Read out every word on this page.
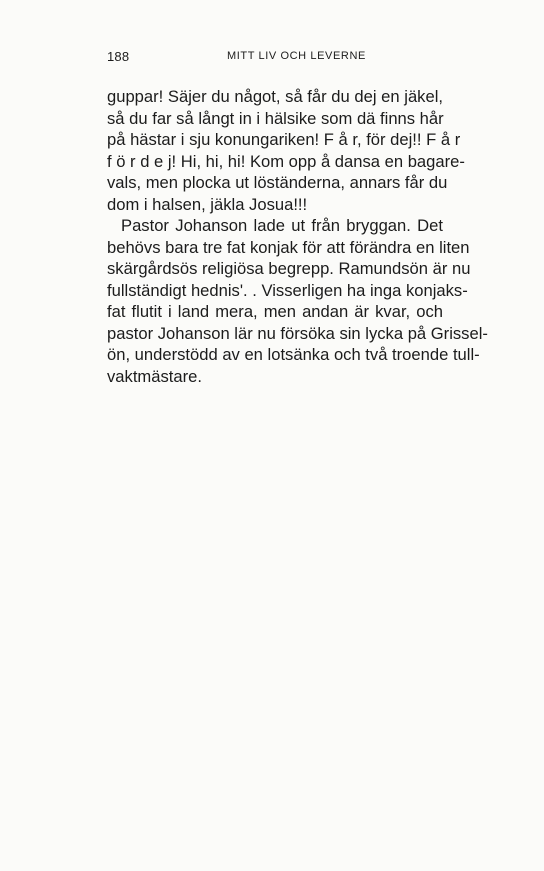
188	MITT LIV OCH LEVERNE
guppar! Säjer du något, så får du dej en jäkel,
så du far så långt in i hälsike som dä finns hår
på hästar i sju konungariken! F å r, för dej!! F å r
f ö r d e j! Hi, hi, hi! Kom opp å dansa en bagare-
vals, men plocka ut löständerna, annars får du
dom i halsen, jäkla Josua!!!
Pastor Johanson lade ut från bryggan. Det
behövs bara tre fat konjak för att förändra en liten
skärgårdsös religiösa begrepp. Ramundsön är nu
fullständigt hednis'. . Visserligen ha inga konjaks-
fat flutit i land mera, men andan är kvar, och
pastor Johanson lär nu försöka sin lycka på Grissel-
ön, understödd av en lotsänka och två troende tull-
vaktmästare.
